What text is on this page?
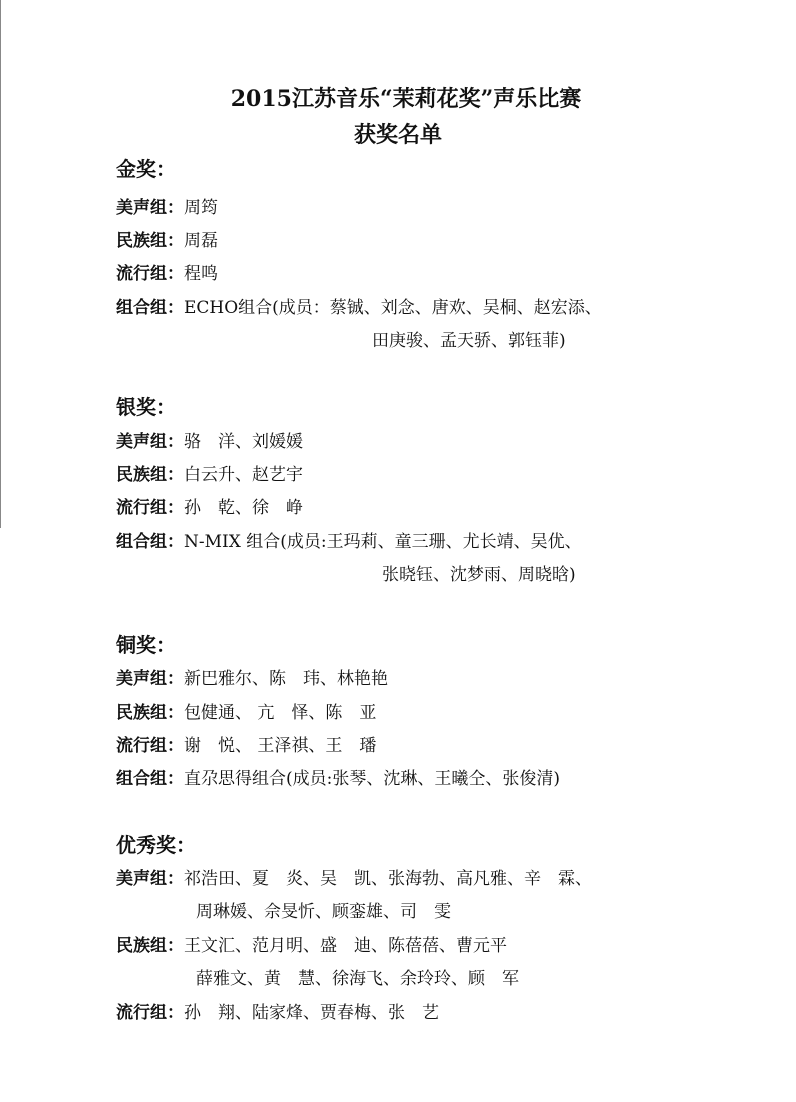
2015江苏音乐“茉莉花奖”声乐比赛
获奖名单
金奖：
美声组：周筠
民族组：周磊
流行组：程鸣
组合组：ECHO组合(成员：蔡铖、刘念、唐欢、吴桐、赵宏添、
田庚骏、孟天骄、郭钰菲)
银奖：
美声组：骆　洋、刘媛媛
民族组：白云升、赵艺宇
流行组：孙　乾、徐　峥
组合组：N-MIX 组合(成员:王玛莉、童三珊、尤长靖、吴优、
张晓钰、沈梦雨、周晓晗)
铜奖：
美声组：新巴雅尔、陈　玮、林艳艳
民族组：包健通、 亢　怿、陈　亚
流行组：谢　悦、 王泽祺、王　璠
组合组：直尕思得组合(成员:张琴、沈琳、王曦仝、张俊清)
优秀奖：
美声组：祁浩田、夏　炎、吴　凯、张海勃、高凡雅、辛　霖、
周琳媛、佘旻忻、顾銮雄、司　雯
民族组：王文汇、范月明、盛　迪、陈蓓蓓、曹元平
薛雅文、黄　慧、徐海飞、余玲玲、顾　军
流行组：孙　翔、陆家烽、贾春梅、张　艺
